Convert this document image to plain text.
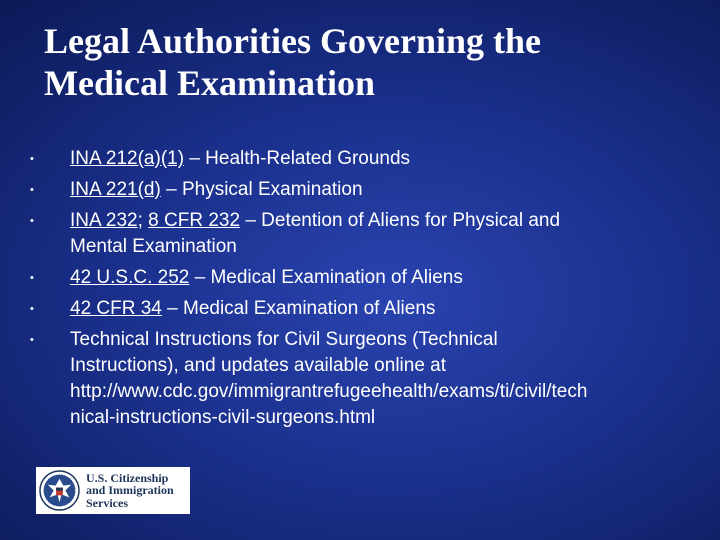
Legal Authorities Governing the
Medical Examination
• INA 212(a)(1) – Health-Related Grounds
• INA 221(d) – Physical Examination
• INA 232; 8 CFR 232 – Detention of Aliens for Physical and
Mental Examination
• 42 U.S.C. 252 – Medical Examination of Aliens
• 42 CFR 34 – Medical Examination of Aliens
• Technical Instructions for Civil Surgeons (Technical
Instructions), and updates available online at
http://www.cdc.gov/immigrantrefugeehealth/exams/ti/civil/tech
nical-instructions-civil-surgeons.html
U.S. Citizenship
and Immigration
Services
